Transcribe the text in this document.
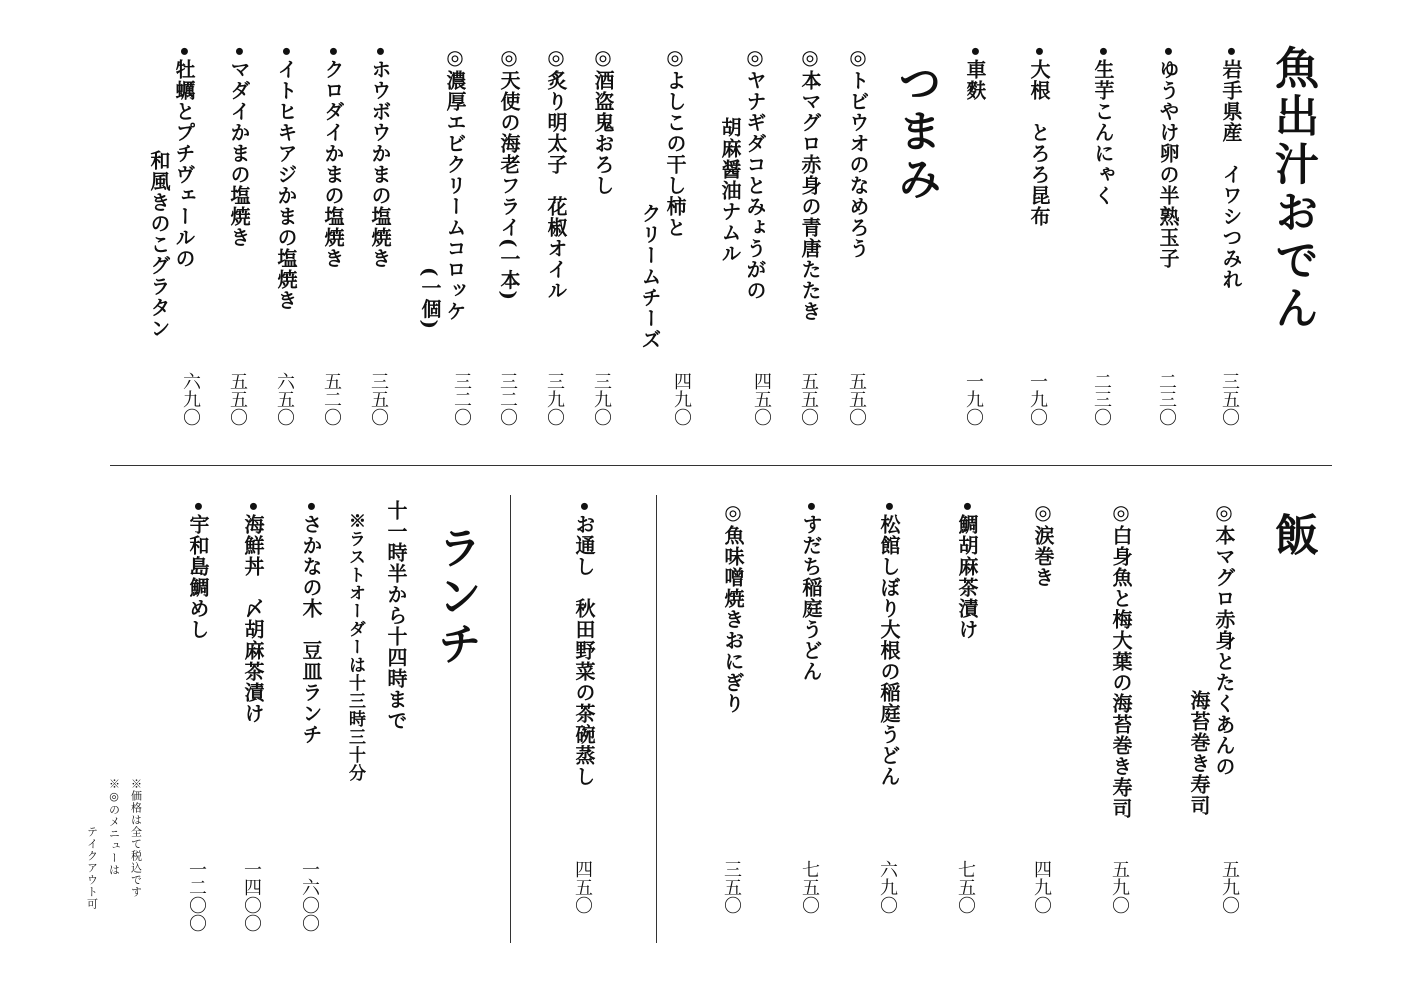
魚出汁おでん
•岩手県産　イワシつみれ
三五〇
•ゆうやけ卵の半熟玉子
二三〇
•生芋こんにゃく
二三〇
•大根　とろろ昆布
一九〇
•車麩
一九〇
つまみ
◎トビウオのなめろう
五五〇
◎本マグロ赤身の青唐たたき
五五〇
◎ヤナギダコとみょうがの
胡麻醤油ナムル
四五〇
◎よしこの干し柿と
クリームチーズ
四九〇
◎酒盗鬼おろし
三九〇
◎炙り明太子　花椒オイル
三九〇
◎天使の海老フライ(一本)
三二〇
◎濃厚エビクリームコロッケ
(一個)
三二〇
•ホウボウかまの塩焼き
三五〇
•クロダイかまの塩焼き
五二〇
•イトヒキアジかまの塩焼き
六五〇
•マダイかまの塩焼き
五五〇
•牡蠣とプチヴェールの
和風きのこグラタン
六九〇
飯
◎本マグロ赤身とたくあんの
海苔巻き寿司
五九〇
◎白身魚と梅大葉の海苔巻き寿司
五九〇
◎涙巻き
四九〇
•鯛胡麻茶漬け
七五〇
•松館しぼり大根の稲庭うどん
六九〇
•すだち稲庭うどん
七五〇
◎魚味噌焼きおにぎり
三五〇
•お通し　秋田野菜の茶碗蒸し
四五〇
ランチ
十一時半から十四時まで
※ラストオーダーは十三時三十分
•さかなの木　豆皿ランチ
一六〇〇
•海鮮丼　〆胡麻茶漬け
一四〇〇
•宇和島鯛めし
一二〇〇
※価格は全て税込です
※◎のメニューは
テイクアウト可
